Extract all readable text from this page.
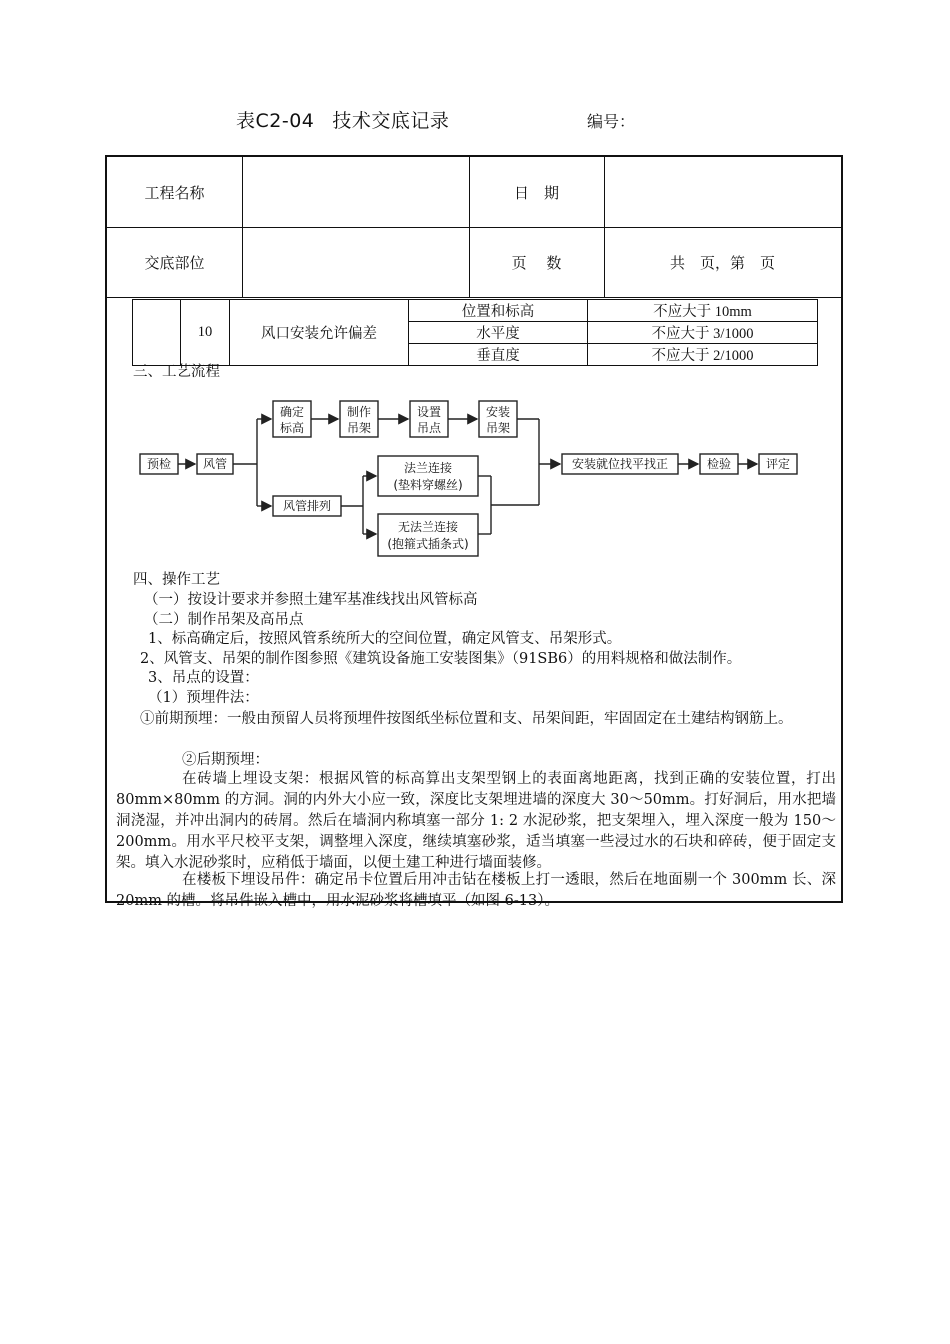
表C2-04 技术交底记录	编号：
工程名称	日　期
交底部位	页　 数	共　页，第　页
	10	风口安装允许偏差	位置和标高	不应大于 10mm
			水平度	不应大于 3/1000
			垂直度	不应大于 2/1000
三、工艺流程
预检	风管
确定
标高
制作
吊架
设置
吊点
安装
吊架
风管排列
法兰连接
(垫料穿螺丝)
无法兰连接
(抱箍式插条式)
安装就位找平找正	检验	评定
四、操作工艺
（一）按设计要求并参照土建军基准线找出风管标高
（二）制作吊架及高吊点
1、标高确定后，按照风管系统所大的空间位置，确定风管支、吊架形式。
2、风管支、吊架的制作图参照《建筑设备施工安装图集》（91SB6）的用料规格和做法制作。
3、吊点的设置：
（1）预埋件法：
①前期预埋：一般由预留人员将预埋件按图纸坐标位置和支、吊架间距，牢固固定在土建结构钢筋上。
②后期预埋：
在砖墙上埋设支架：根据风管的标高算出支架型钢上的表面离地距离，找到正确的安装位置，打出 80mm×80mm 的方洞。洞的内外大小应一致，深度比支架埋进墙的深度大 30～50mm。打好洞后，用水把墙洞浇湿，并冲出洞内的砖屑。然后在墙洞内称填塞一部分 1: 2 水泥砂浆，把支架埋入，埋入深度一般为 150～200mm。用水平尺校平支架，调整埋入深度，继续填塞砂浆，适当填塞一些浸过水的石块和碎砖，便于固定支架。填入水泥砂浆时，应稍低于墙面，以便土建工种进行墙面装修。
在楼板下埋设吊件：确定吊卡位置后用冲击钻在楼板上打一透眼，然后在地面剔一个 300mm 长、深 20mm 的槽。将吊件嵌入槽中，用水泥砂浆将槽填平（如图 6-13）。
